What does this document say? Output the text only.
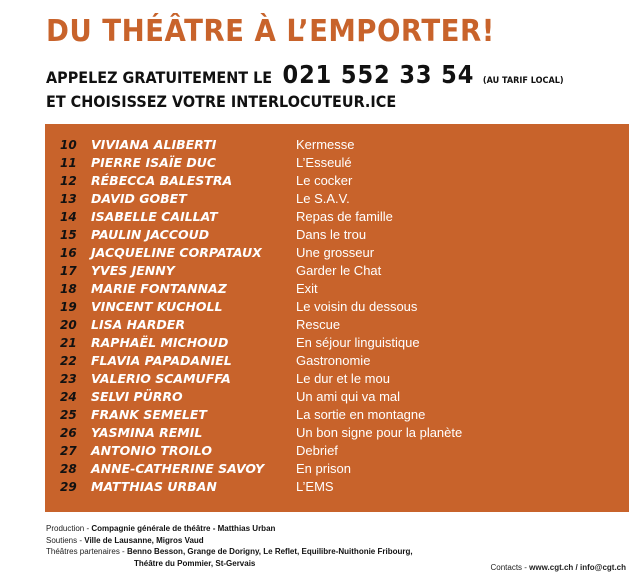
DU THÉÂTRE À L’EMPORTER!
APPELEZ GRATUITEMENT LE 021 552 33 54 (AU TARIF LOCAL)
ET CHOISISSEZ VOTRE INTERLOCUTEUR.ICE
10 VIVIANA ALIBERTI	Kermesse
11 PIERRE ISAÏE DUC	L’Esseulé
12 RÉBECCA BALESTRA	Le cocker
13 DAVID GOBET	Le S.A.V.
14 ISABELLE CAILLAT	Repas de famille
15 PAULIN JACCOUD	Dans le trou
16 JACQUELINE CORPATAUX	Une grosseur
17 YVES JENNY	Garder le Chat
18 MARIE FONTANNAZ	Exit
19 VINCENT KUCHOLL	Le voisin du dessous
20 LISA HARDER	Rescue
21 RAPHAËL MICHOUD	En séjour linguistique
22 FLAVIA PAPADANIEL	Gastronomie
23 VALERIO SCAMUFFA	Le dur et le mou
24 SELVI PÜRRO	Un ami qui va mal
25 FRANK SEMELET	La sortie en montagne
26 YASMINA REMIL	Un bon signe pour la planète
27 ANTONIO TROILO	Debrief
28 ANNE-CATHERINE SAVOY En prison
29 MATTHIAS URBAN	L’EMS
Production - Compagnie générale de théâtre - Matthias Urban
Soutiens - Ville de Lausanne, Migros Vaud
Théâtres partenaires - Benno Besson, Grange de Dorigny, Le Reflet, Equilibre-Nuithonie Fribourg,
Théâtre du Pommier, St-Gervais	Contacts - www.cgt.ch / info@cgt.ch
